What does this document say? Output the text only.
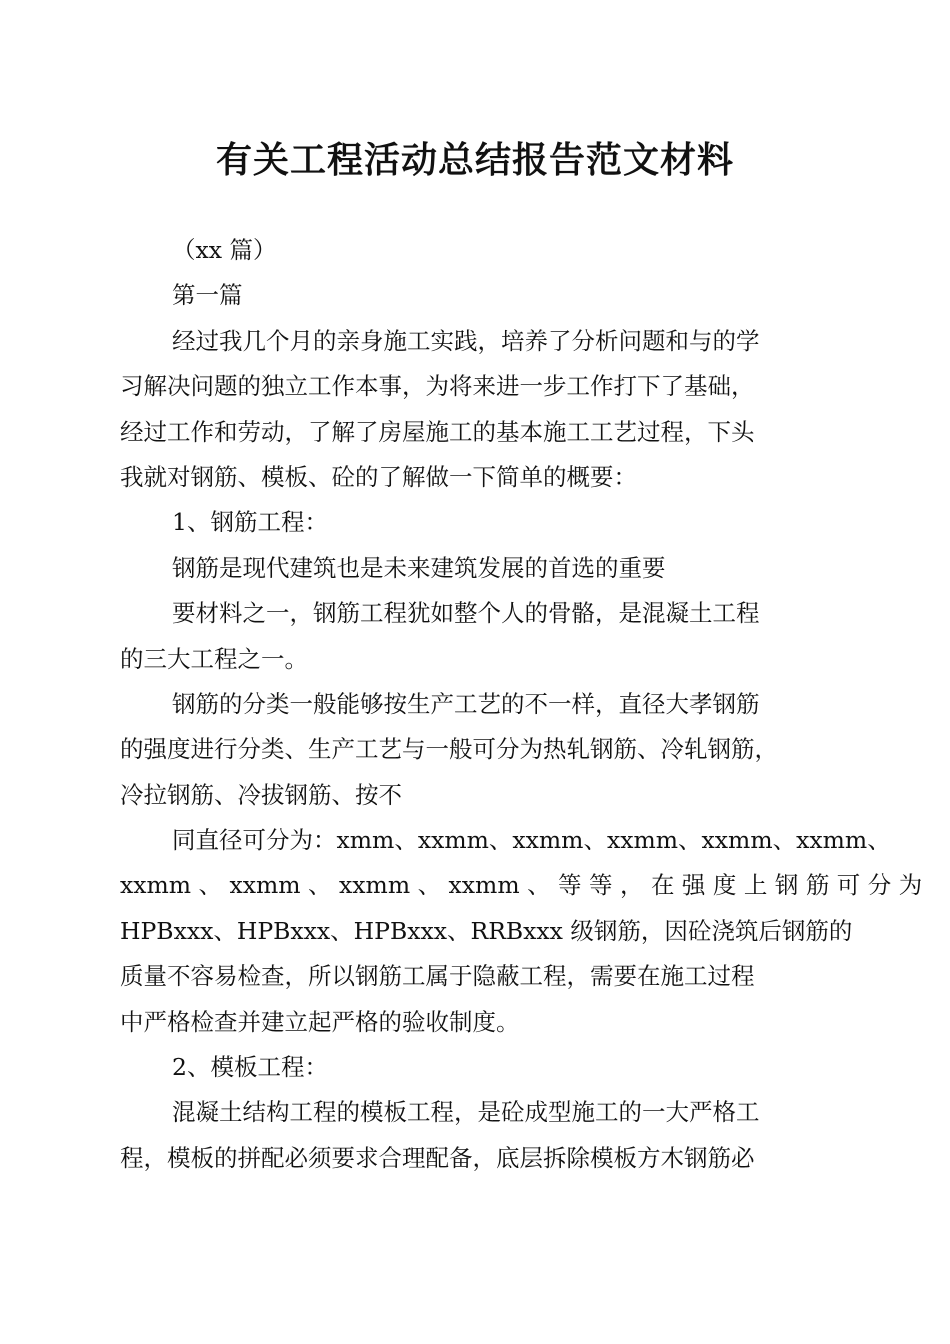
有关工程活动总结报告范文材料
（xx 篇）
第一篇
经过我几个月的亲身施工实践，培养了分析问题和与的学
习解决问题的独立工作本事，为将来进一步工作打下了基础，
经过工作和劳动，了解了房屋施工的基本施工工艺过程，下头
我就对钢筋、模板、砼的了解做一下简单的概要：
1、钢筋工程：
钢筋是现代建筑也是未来建筑发展的首选的重要
要材料之一，钢筋工程犹如整个人的骨骼，是混凝土工程
的三大工程之一。
钢筋的分类一般能够按生产工艺的不一样，直径大孝钢筋
的强度进行分类、生产工艺与一般可分为热轧钢筋、冷轧钢筋，
冷拉钢筋、冷拔钢筋、按不
同直径可分为：xmm、xxmm、xxmm、xxmm、xxmm、xxmm、
xxmm 、 xxmm 、 xxmm 、 xxmm 、 等 等 ， 在 强 度 上 钢 筋 可 分 为
HPBxxx、HPBxxx、HPBxxx、RRBxxx 级钢筋，因砼浇筑后钢筋的
质量不容易检查，所以钢筋工属于隐蔽工程，需要在施工过程
中严格检查并建立起严格的验收制度。
2、模板工程：
混凝土结构工程的模板工程，是砼成型施工的一大严格工
程，模板的拼配必须要求合理配备，底层拆除模板方木钢筋必
